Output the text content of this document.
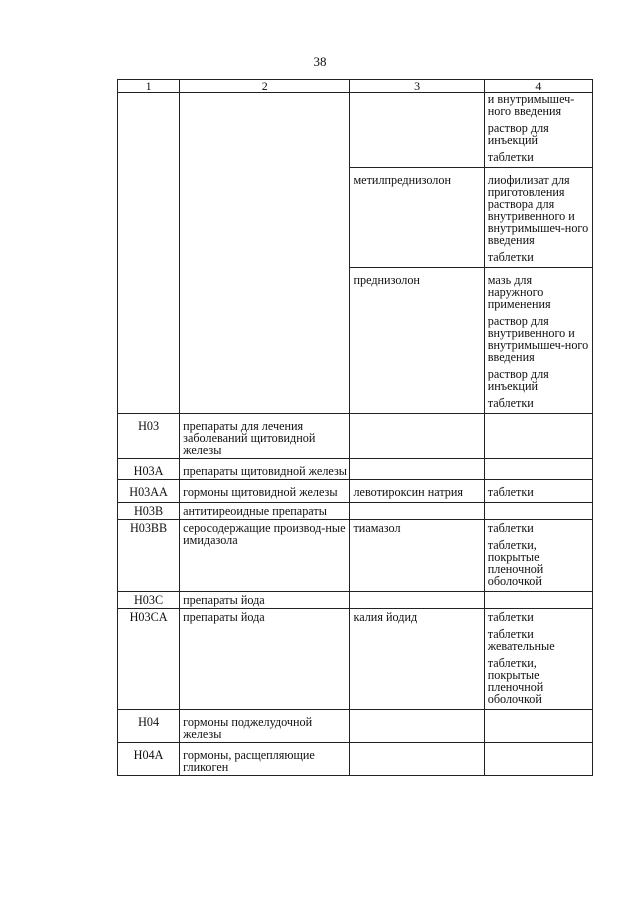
38
1	2	3	4

			и внутримышеч-ного введения
раствор для инъекций
таблетки

		метилпреднизолон	лиофилизат для приготовления раствора для внутривенного и внутримышеч-ного введения
таблетки

		преднизолон	мазь для наружного применения
раствор для внутривенного и внутримышеч-ного введения
раствор для инъекций
таблетки

H03	препараты для лечения заболеваний щитовидной железы		
H03A	препараты щитовидной железы		
H03AA	гормоны щитовидной железы	левотироксин натрия	таблетки

H03B	антитиреоидные препараты		
H03BB	серосодержащие производ-ные имидазола	тиамазол	таблетки
таблетки, покрытые пленочной оболочкой

H03C	препараты йода		
H03CA	препараты йода	калия йодид	таблетки
таблетки жевательные
таблетки, покрытые пленочной оболочкой

H04	гормоны поджелудочной железы		
H04A	гормоны, расщепляющие гликоген		
